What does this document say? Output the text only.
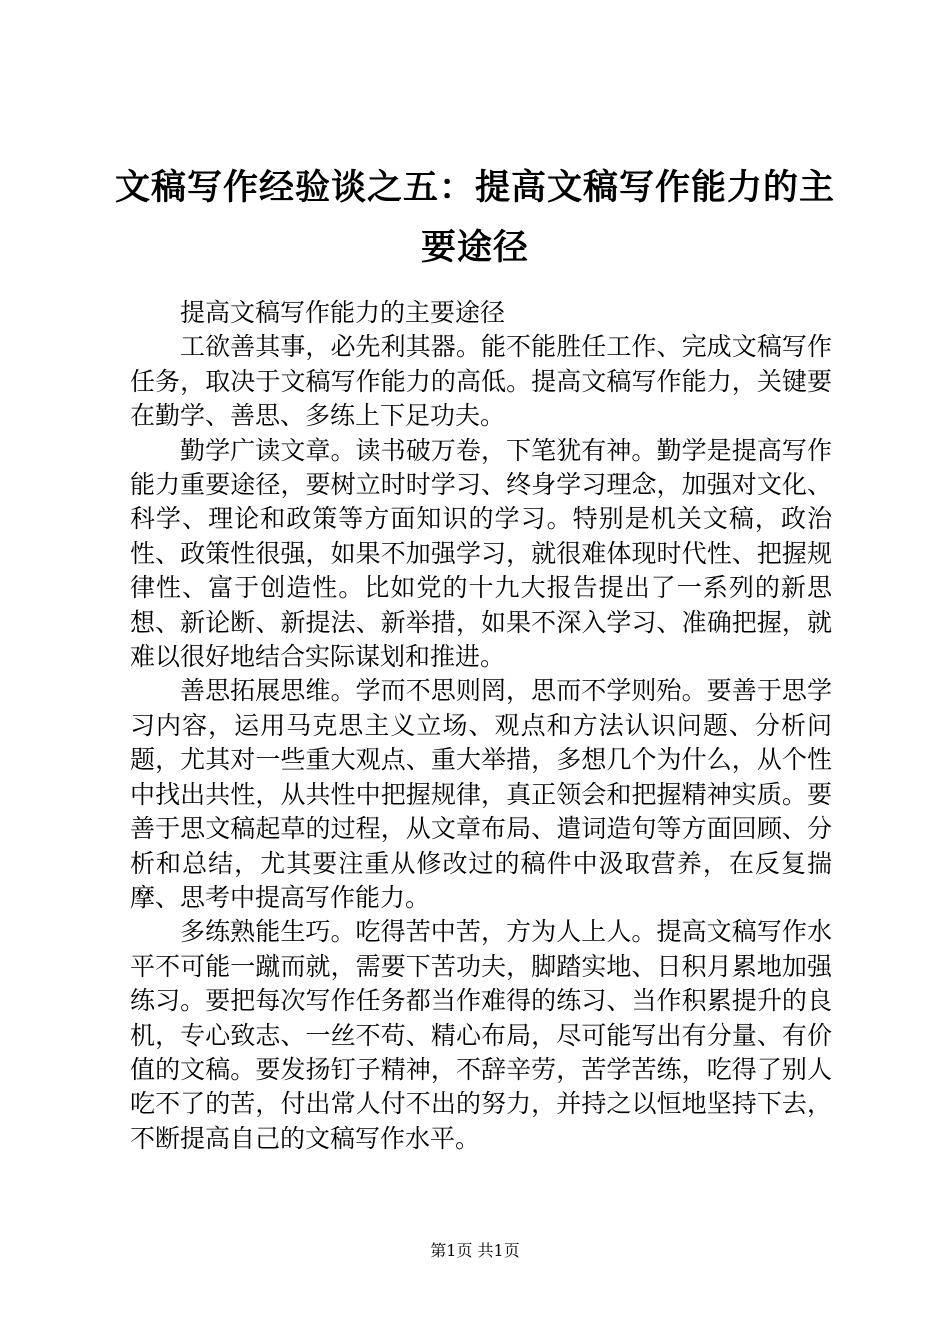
文稿写作经验谈之五：提高文稿写作能力的主要途径

提高文稿写作能力的主要途径

工欲善其事，必先利其器。能不能胜任工作、完成文稿写作任务，取决于文稿写作能力的高低。提高文稿写作能力，关键要在勤学、善思、多练上下足功夫。

勤学广读文章。读书破万卷，下笔犹有神。勤学是提高写作能力重要途径，要树立时时学习、终身学习理念，加强对文化、科学、理论和政策等方面知识的学习。特别是机关文稿，政治性、政策性很强，如果不加强学习，就很难体现时代性、把握规律性、富于创造性。比如党的十九大报告提出了一系列的新思想、新论断、新提法、新举措，如果不深入学习、准确把握，就难以很好地结合实际谋划和推进。

善思拓展思维。学而不思则罔，思而不学则殆。要善于思学习内容，运用马克思主义立场、观点和方法认识问题、分析问题，尤其对一些重大观点、重大举措，多想几个为什么，从个性中找出共性，从共性中把握规律，真正领会和把握精神实质。要善于思文稿起草的过程，从文章布局、遣词造句等方面回顾、分析和总结，尤其要注重从修改过的稿件中汲取营养，在反复揣摩、思考中提高写作能力。

多练熟能生巧。吃得苦中苦，方为人上人。提高文稿写作水平不可能一蹴而就，需要下苦功夫，脚踏实地、日积月累地加强练习。要把每次写作任务都当作难得的练习、当作积累提升的良机，专心致志、一丝不苟、精心布局，尽可能写出有分量、有价值的文稿。要发扬钉子精神，不辞辛劳，苦学苦练，吃得了别人吃不了的苦，付出常人付不出的努力，并持之以恒地坚持下去，不断提高自己的文稿写作水平。

第1页 共1页
